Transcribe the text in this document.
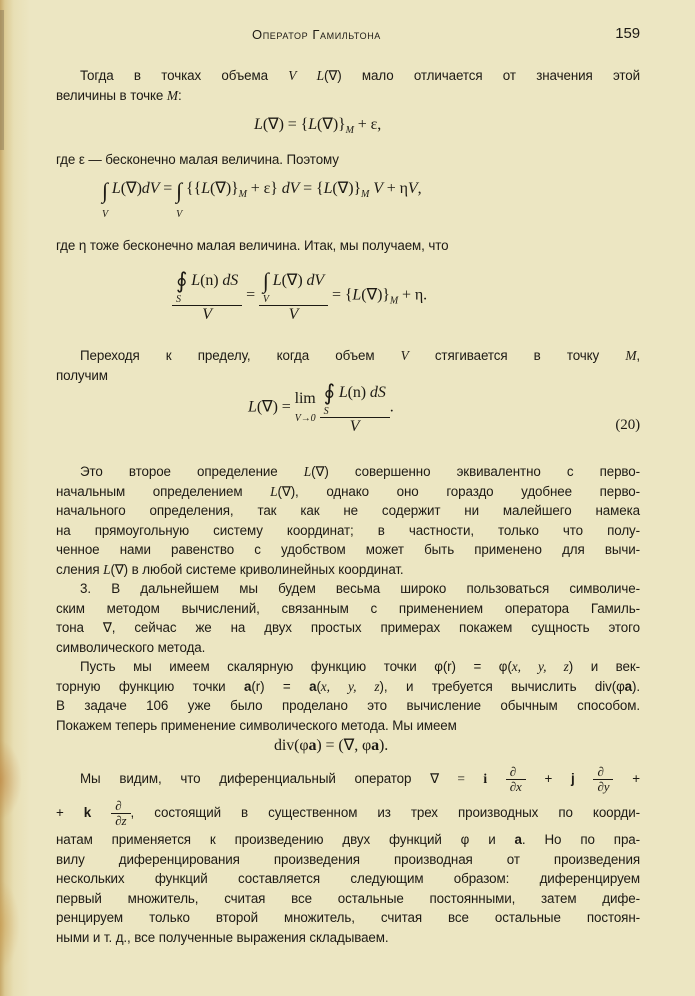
Оператор Гамильтона	159
Тогда в точках объема V L(∇) мало отличается от значения этой
величины в точке M:
$L(\nabla) = \{L(\nabla)\}_M + \varepsilon$,
где ε — бесконечно малая величина. Поэтому
∫
V L(∇)dV = ∫
V $\{\{L(\nabla)\}_M + \varepsilon\}$ dV = $\{L(\nabla)\}_M$ V + ηV,
где η тоже бесконечно малая величина. Итак, мы получаем, что
∮ L(n) dS

S
V
=
∫ L(∇) dV

V
V
= $\{L(\nabla)\}_M + \eta$.
Переходя к пределу, когда объем V стягивается в точку M,
получим
L(∇) = lim
V→0
∮ L(n) dS

S
V
.
(20)
Это второе определение L(∇) совершенно эквивалентно с перво-
начальным определением L(∇), однако оно гораздо удобнее перво-
начального определения, так как не содержит ни малейшего намека
на прямоугольную систему координат; в частности, только что полу-
ченное нами равенство с удобством может быть применено для вычи-
сления L(∇) в любой системе криволинейных координат.
3. В дальнейшем мы будем весьма широко пользоваться символиче-
ским методом вычислений, связанным с применением оператора Гамиль-
тона ∇, сейчас же на двух простых примерах покажем сущность этого
символического метода.
Пусть мы имеем скалярную функцию точки φ(r) = φ(x, y, z) и век-
торную функцию точки a(r) = a(x, y, z), и требуется вычислить div(φa).
В задаче 106 уже было проделано это вычисление обычным способом.
Покажем теперь применение символического метода. Мы имеем
div(φa) = (∇, φa).
Мы видим, что диференциальный оператор ∇ = i $\frac{\partial}{\partial x} + j \frac{\partial}{\partial y}$ +
+ k $\frac{\partial}{\partial z}$ , состоящий в существенном из трех производных по коорди-
натам применяется к произведению двух функций φ и a. Но по пра-
вилу диференцирования произведения производная от произведения
нескольких функций составляется следующим образом: диференцируем
первый множитель, считая все остальные постоянными, затем дифе-
ренцируем только второй множитель, считая все остальные постоян-
ными и т. д., все полученные выражения складываем.
